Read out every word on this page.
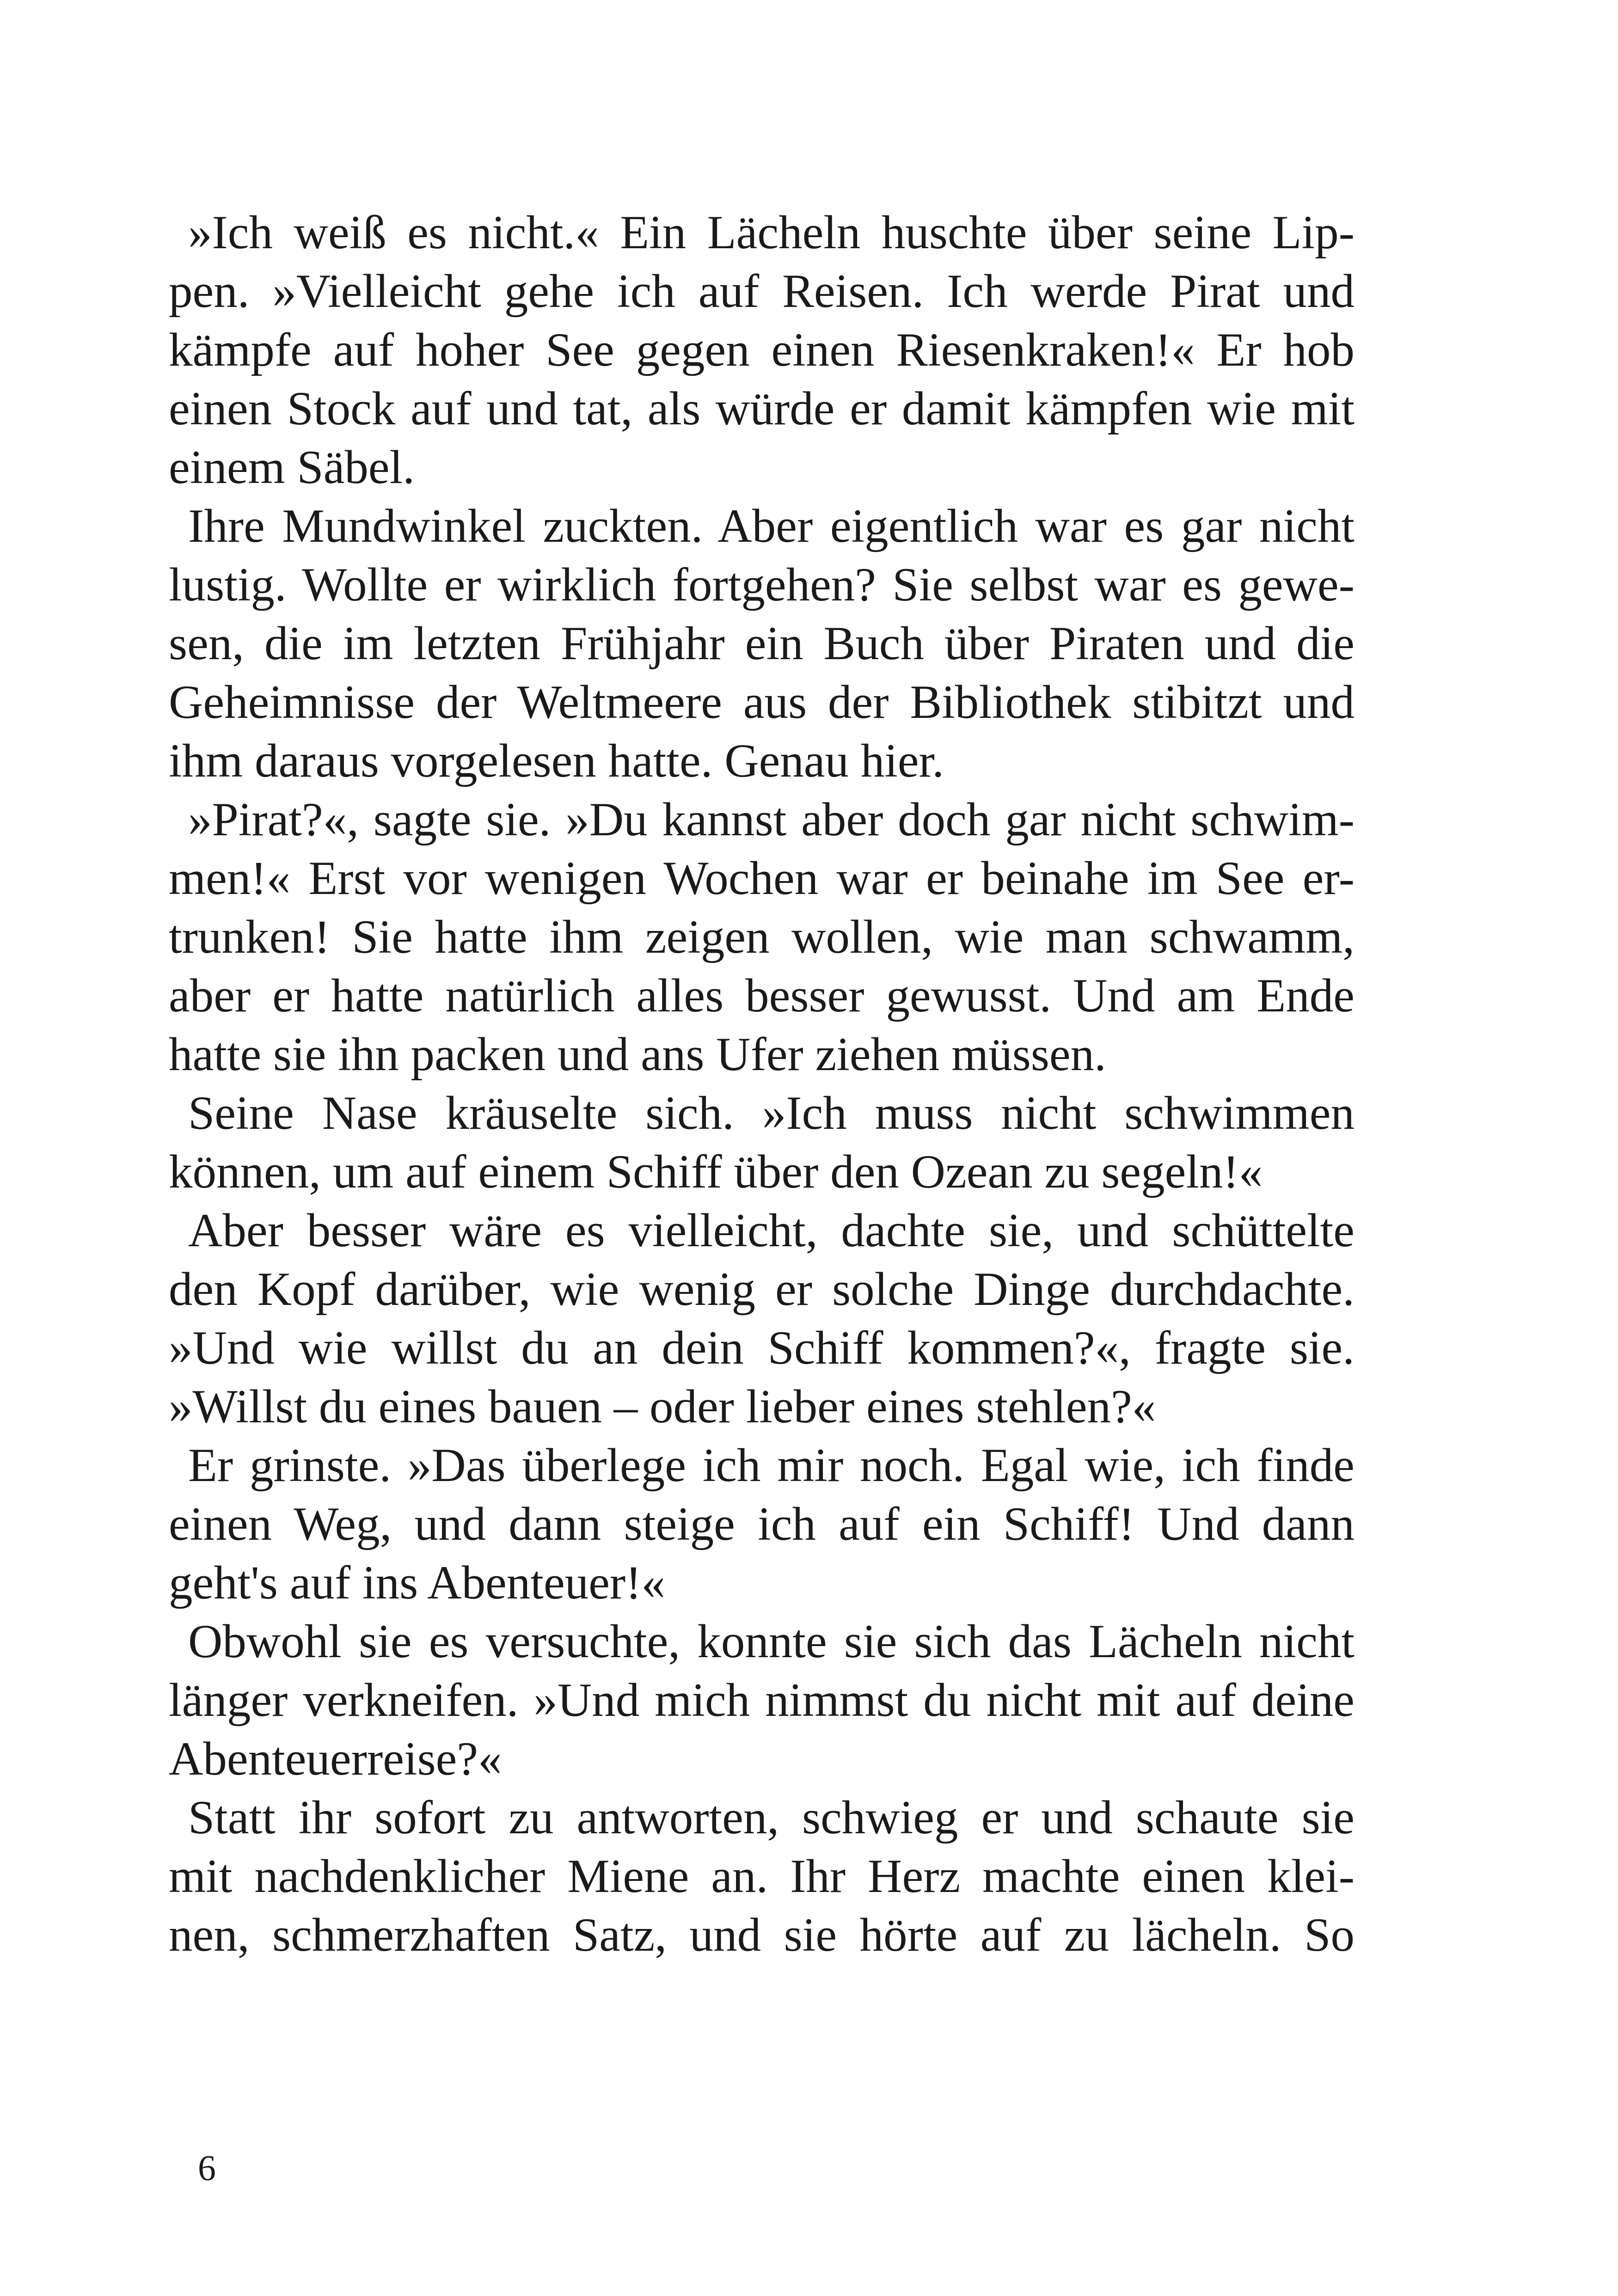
»Ich weiß es nicht.« Ein Lächeln huschte über seine Lip-
pen. »Vielleicht gehe ich auf Reisen. Ich werde Pirat und
kämpfe auf hoher See gegen einen Riesenkraken!« Er hob
einen Stock auf und tat, als würde er damit kämpfen wie mit
einem Säbel.
Ihre Mundwinkel zuckten. Aber eigentlich war es gar nicht
lustig. Wollte er wirklich fortgehen? Sie selbst war es gewe-
sen, die im letzten Frühjahr ein Buch über Piraten und die
Geheimnisse der Weltmeere aus der Bibliothek stibitzt und
ihm daraus vorgelesen hatte. Genau hier.
»Pirat?«, sagte sie. »Du kannst aber doch gar nicht schwim-
men!« Erst vor wenigen Wochen war er beinahe im See er-
trunken! Sie hatte ihm zeigen wollen, wie man schwamm,
aber er hatte natürlich alles besser gewusst. Und am Ende
hatte sie ihn packen und ans Ufer ziehen müssen.
Seine Nase kräuselte sich. »Ich muss nicht schwimmen
können, um auf einem Schiff über den Ozean zu segeln!«
Aber besser wäre es vielleicht, dachte sie, und schüttelte
den Kopf darüber, wie wenig er solche Dinge durchdachte.
»Und wie willst du an dein Schiff kommen?«, fragte sie.
»Willst du eines bauen – oder lieber eines stehlen?«
Er grinste. »Das überlege ich mir noch. Egal wie, ich finde
einen Weg, und dann steige ich auf ein Schiff! Und dann
geht's auf ins Abenteuer!«
Obwohl sie es versuchte, konnte sie sich das Lächeln nicht
länger verkneifen. »Und mich nimmst du nicht mit auf deine
Abenteuerreise?«
Statt ihr sofort zu antworten, schwieg er und schaute sie
mit nachdenklicher Miene an. Ihr Herz machte einen klei-
nen, schmerzhaften Satz, und sie hörte auf zu lächeln. So
6
